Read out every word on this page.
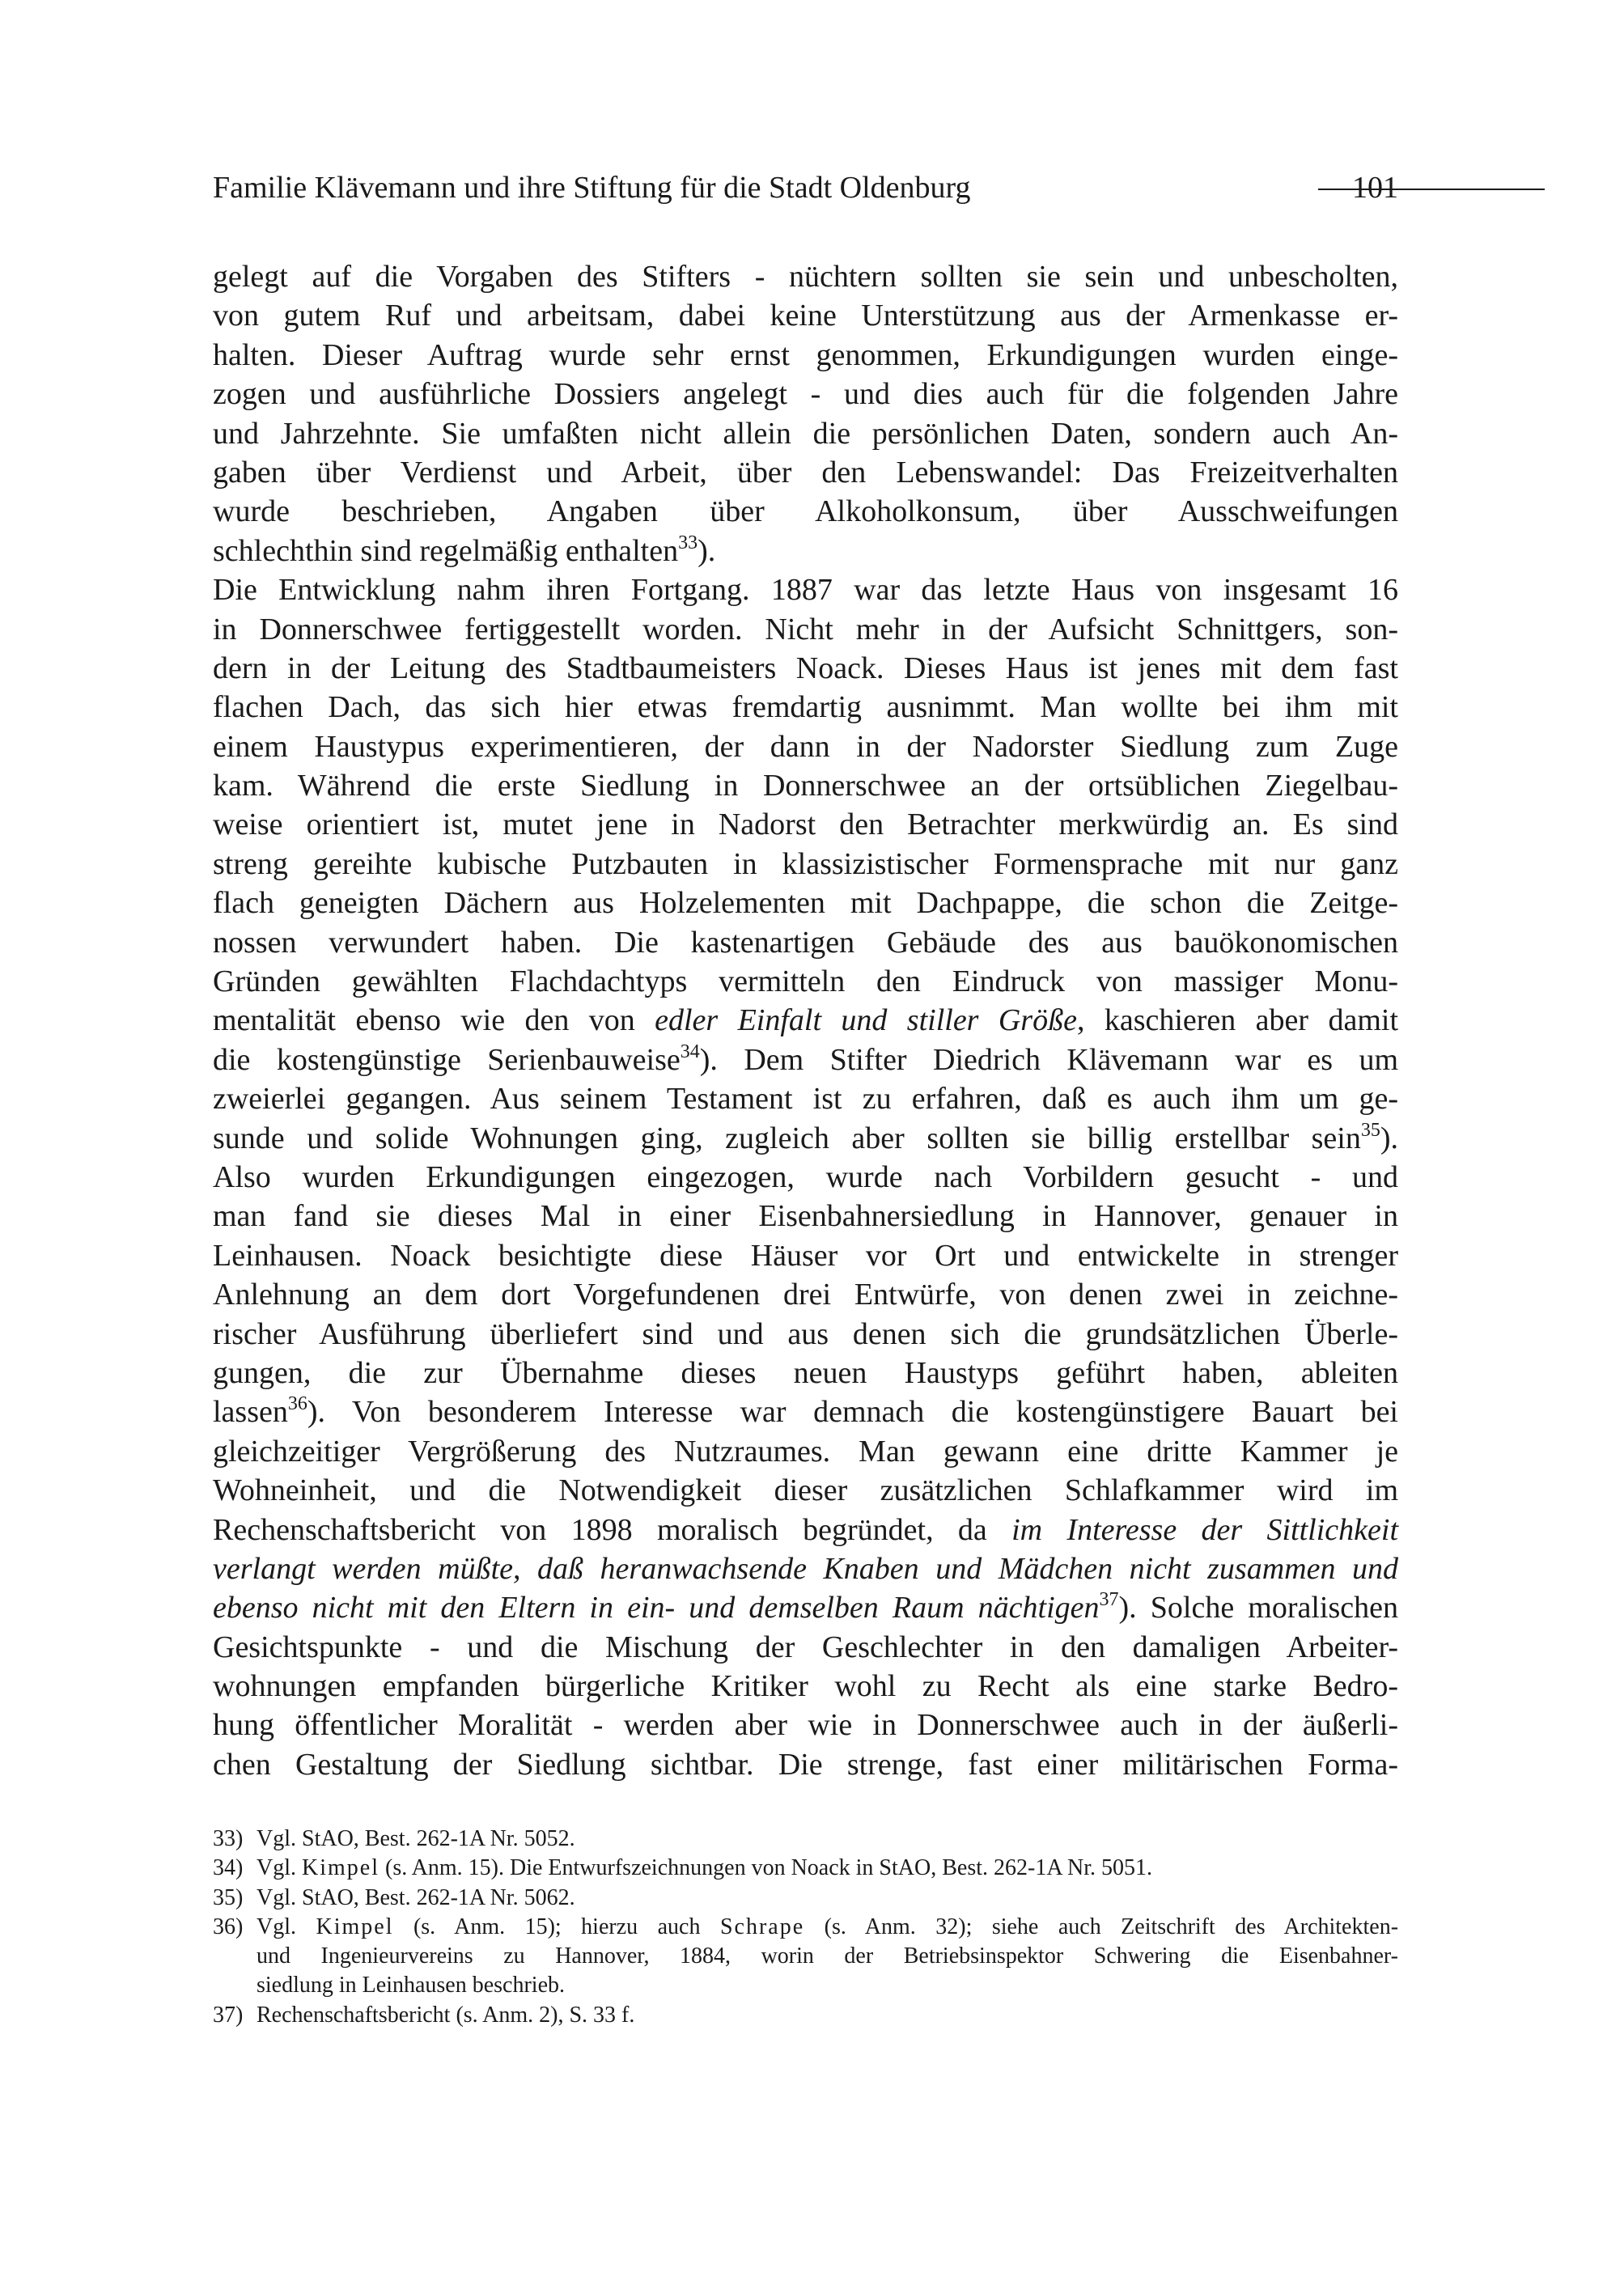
Familie Klävemann und ihre Stiftung für die Stadt Oldenburg	101
gelegt auf die Vorgaben des Stifters - nüchtern sollten sie sein und unbescholten,
von gutem Ruf und arbeitsam, dabei keine Unterstützung aus der Armenkasse er-
halten. Dieser Auftrag wurde sehr ernst genommen, Erkundigungen wurden einge-
zogen und ausführliche Dossiers angelegt - und dies auch für die folgenden Jahre
und Jahrzehnte. Sie umfaßten nicht allein die persönlichen Daten, sondern auch An-
gaben über Verdienst und Arbeit, über den Lebenswandel: Das Freizeitverhalten
wurde beschrieben, Angaben über Alkoholkonsum, über Ausschweifungen
schlechthin sind regelmäßig enthalten$^{33}$).
Die Entwicklung nahm ihren Fortgang. 1887 war das letzte Haus von insgesamt 16
in Donnerschwee fertiggestellt worden. Nicht mehr in der Aufsicht Schnittgers, son-
dern in der Leitung des Stadtbaumeisters Noack. Dieses Haus ist jenes mit dem fast
flachen Dach, das sich hier etwas fremdartig ausnimmt. Man wollte bei ihm mit
einem Haustypus experimentieren, der dann in der Nadorster Siedlung zum Zuge
kam. Während die erste Siedlung in Donnerschwee an der ortsüblichen Ziegelbau-
weise orientiert ist, mutet jene in Nadorst den Betrachter merkwürdig an. Es sind
streng gereihte kubische Putzbauten in klassizistischer Formensprache mit nur ganz
flach geneigten Dächern aus Holzelementen mit Dachpappe, die schon die Zeitge-
nossen verwundert haben. Die kastenartigen Gebäude des aus bauökonomischen
Gründen gewählten Flachdachtyps vermitteln den Eindruck von massiger Monu-
mentalität ebenso wie den von edler Einfalt und stiller Größe, kaschieren aber damit
die kostengünstige Serienbauweise$^{34}$). Dem Stifter Diedrich Klävemann war es um
zweierlei gegangen. Aus seinem Testament ist zu erfahren, daß es auch ihm um ge-
sunde und solide Wohnungen ging, zugleich aber sollten sie billig erstellbar sein$^{35}$).
Also wurden Erkundigungen eingezogen, wurde nach Vorbildern gesucht - und
man fand sie dieses Mal in einer Eisenbahnersiedlung in Hannover, genauer in
Leinhausen. Noack besichtigte diese Häuser vor Ort und entwickelte in strenger
Anlehnung an dem dort Vorgefundenen drei Entwürfe, von denen zwei in zeichne-
rischer Ausführung überliefert sind und aus denen sich die grundsätzlichen Überle-
gungen, die zur Übernahme dieses neuen Haustyps geführt haben, ableiten
lassen$^{36}$). Von besonderem Interesse war demnach die kostengünstigere Bauart bei
gleichzeitiger Vergrößerung des Nutzraumes. Man gewann eine dritte Kammer je
Wohneinheit, und die Notwendigkeit dieser zusätzlichen Schlafkammer wird im
Rechenschaftsbericht von 1898 moralisch begründet, da im Interesse der Sittlichkeit
verlangt werden müßte, daß heranwachsende Knaben und Mädchen nicht zusammen und
ebenso nicht mit den Eltern in ein- und demselben Raum nächtigen$^{37}$). Solche moralischen
Gesichtspunkte - und die Mischung der Geschlechter in den damaligen Arbeiter-
wohnungen empfanden bürgerliche Kritiker wohl zu Recht als eine starke Bedro-
hung öffentlicher Moralität - werden aber wie in Donnerschwee auch in der äußerli-
chen Gestaltung der Siedlung sichtbar. Die strenge, fast einer militärischen Forma-
33) Vgl. StAO, Best. 262-1A Nr. 5052.
34) Vgl. Kimpel (s. Anm. 15). Die Entwurfszeichnungen von Noack in StAO, Best. 262-1A Nr. 5051.
35) Vgl. StAO, Best. 262-1A Nr. 5062.
36) Vgl. Kimpel (s. Anm. 15); hierzu auch Schrape (s. Anm. 32); siehe auch Zeitschrift des Architekten-
und Ingenieurvereins zu Hannover, 1884, worin der Betriebsinspektor Schwering die Eisenbahner-
siedlung in Leinhausen beschrieb.
37) Rechenschaftsbericht (s. Anm. 2), S. 33 f.
